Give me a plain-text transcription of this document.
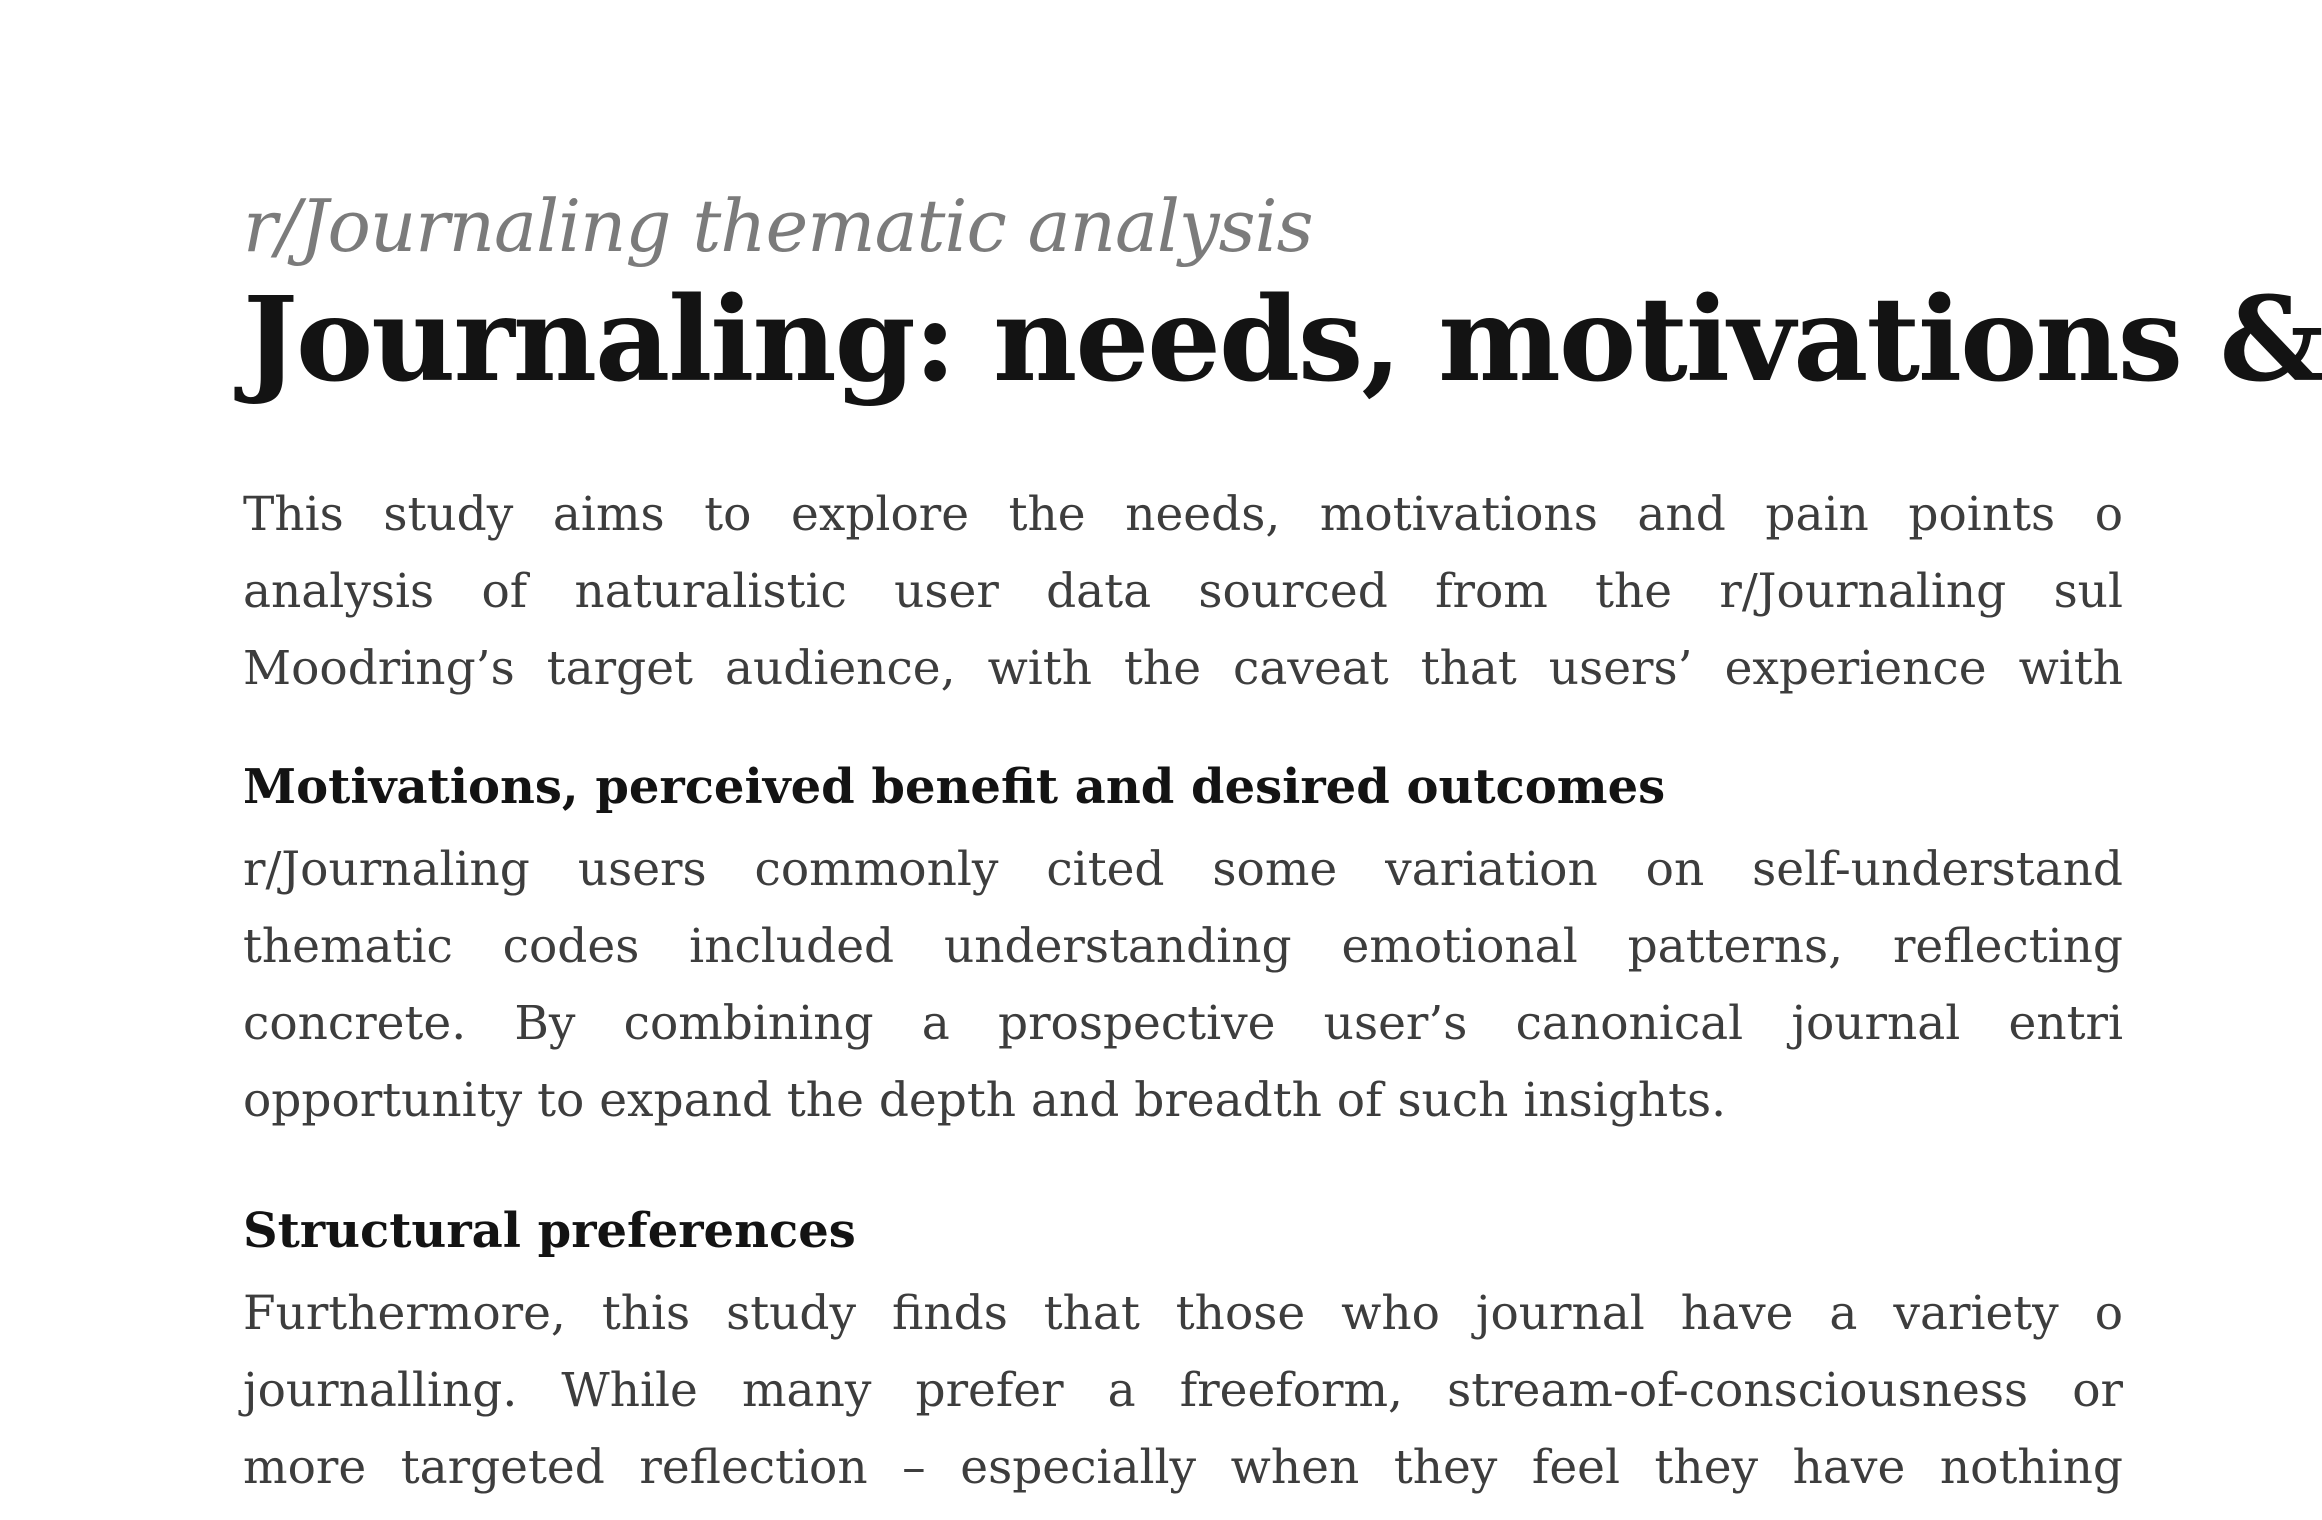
r/Journaling thematic analysis
Journaling: needs, motivations &

This study aims to explore the needs, motivations and pain points o
analysis of naturalistic user data sourced from the r/Journaling sul
Moodring’s target audience, with the caveat that users’ experience with

Motivations, perceived benefit and desired outcomes

r/Journaling users commonly cited some variation on self-understand
thematic codes included understanding emotional patterns, reflecting
concrete. By combining a prospective user’s canonical journal entri
opportunity to expand the depth and breadth of such insights.

Structural preferences

Furthermore, this study finds that those who journal have a variety o
journalling. While many prefer a freeform, stream-of-consciousness or
more targeted reflection – especially when they feel they have nothing
